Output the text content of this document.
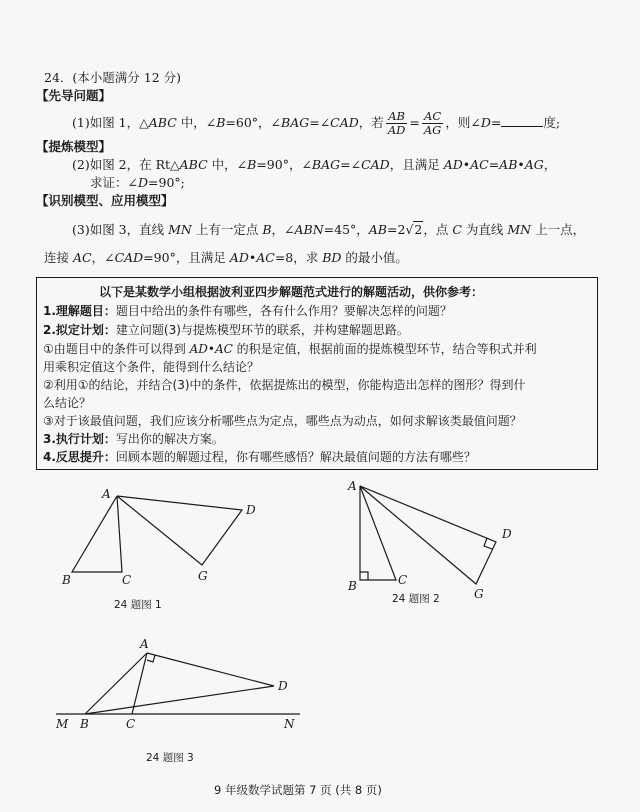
24．(本小题满分 12 分)
【先导问题】
(1)如图 1，△ABC 中，∠B=60°，∠BAG=∠CAD，若 $\frac{AB}{AD} = \frac{AC}{AG}$ ，则∠D=	度;
【提炼模型】
(2)如图 2，在 Rt△ABC 中，∠B=90°，∠BAG=∠CAD，且满足 AD•AC=AB•AG，
求证：∠D=90°;
【识别模型、应用模型】
(3)如图 3，直线 MN 上有一定点 B，∠ABN=45°，AB=2√2，点 C 为直线 MN 上一点，
连接 AC，∠CAD=90°，且满足 AD•AC=8，求 BD 的最小值。
以下是某数学小组根据波利亚四步解题范式进行的解题活动，供你参考：
1.理解题目：题目中给出的条件有哪些，各有什么作用？要解决怎样的问题？
2.拟定计划：建立问题(3)与提炼模型环节的联系，并构建解题思路。
①由题目中的条件可以得到 AD•AC 的积是定值，根据前面的提炼模型环节，结合等积式并利
用乘积定值这个条件，能得到什么结论？
②利用①的结论，并结合(3)中的条件，依据提炼出的模型，你能构造出怎样的图形？得到什
么结论？
③对于该最值问题，我们应该分析哪些点为定点，哪些点为动点，如何求解该类最值问题？
3.执行计划：写出你的解决方案。
4.反思提升：回顾本题的解题过程，你有哪些感悟？解决最值问题的方法有哪些？
A
B	C
D
G
24 题图 1
A
B	C
D
G
24 题图 2
A
M B	C
D
N
24 题图 3
9 年级数学试题第 7 页 (共 8 页)
